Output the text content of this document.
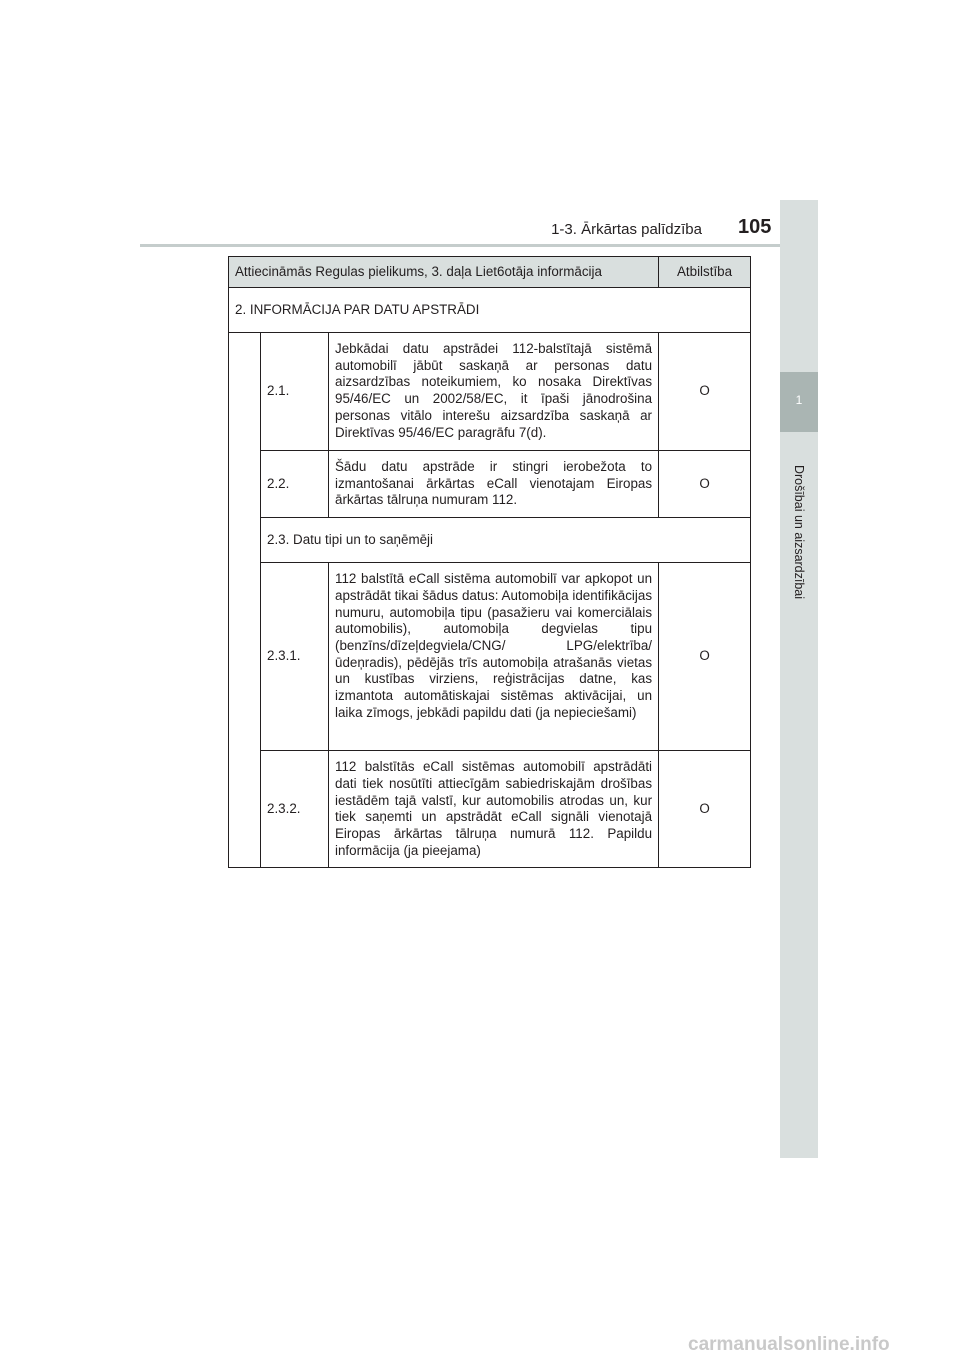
1-3. Ārkārtas palīdzība 105
1
Drošībai un aizsardzībai
Attiecināmās Regulas pielikums, 3. daļa Liet6otāja informācija			Atbilstība
2. INFORMĀCIJA PAR DATU APSTRĀDI			
	2.1.	Jebkādai datu apstrādei 112-balstītajā sistēmā automobilī jābūt saskaņā ar personas datu aizsardzības noteikumiem, ko nosaka Direktīvas 95/46/EC un 2002/58/EC, it īpaši jānodrošina personas vitālo interešu aizsardzība saskaņā ar Direktīvas 95/46/EC paragrāfu 7(d).	O
	2.2.	Šādu datu apstrāde ir stingri ierobežota to izmantošanai ārkārtas eCall vienotajam Eiropas ārkārtas tālruņa numuram 112.	O
	2.3. Datu tipi un to saņēmēji		
	2.3.1.	112 balstītā eCall sistēma automobilī var apkopot un apstrādāt tikai šādus datus: Automobiļa identifikācijas numuru, automobiļa tipu (pasažieru vai komerciālais automobilis), automobiļa degvielas tipu (benzīns/dīzeļdegviela/CNG/ LPG/elektrība/ūdeņradis), pēdējās trīs automobiļa atrašanās vietas un kustības virziens, reģistrācijas datne, kas izmantota automātiskajai sistēmas aktivācijai, un laika zīmogs, jebkādi papildu dati (ja nepieciešami)	O
	2.3.2.	112 balstītās eCall sistēmas automobilī apstrādāti dati tiek nosūtīti attiecīgām sabiedriskajām drošības iestādēm tajā valstī, kur automobilis atrodas un, kur tiek saņemti un apstrādāt eCall signāli vienotajā Eiropas ārkārtas tālruņa numurā 112. Papildu informācija (ja pieejama)	O
carmanualsonline.info
